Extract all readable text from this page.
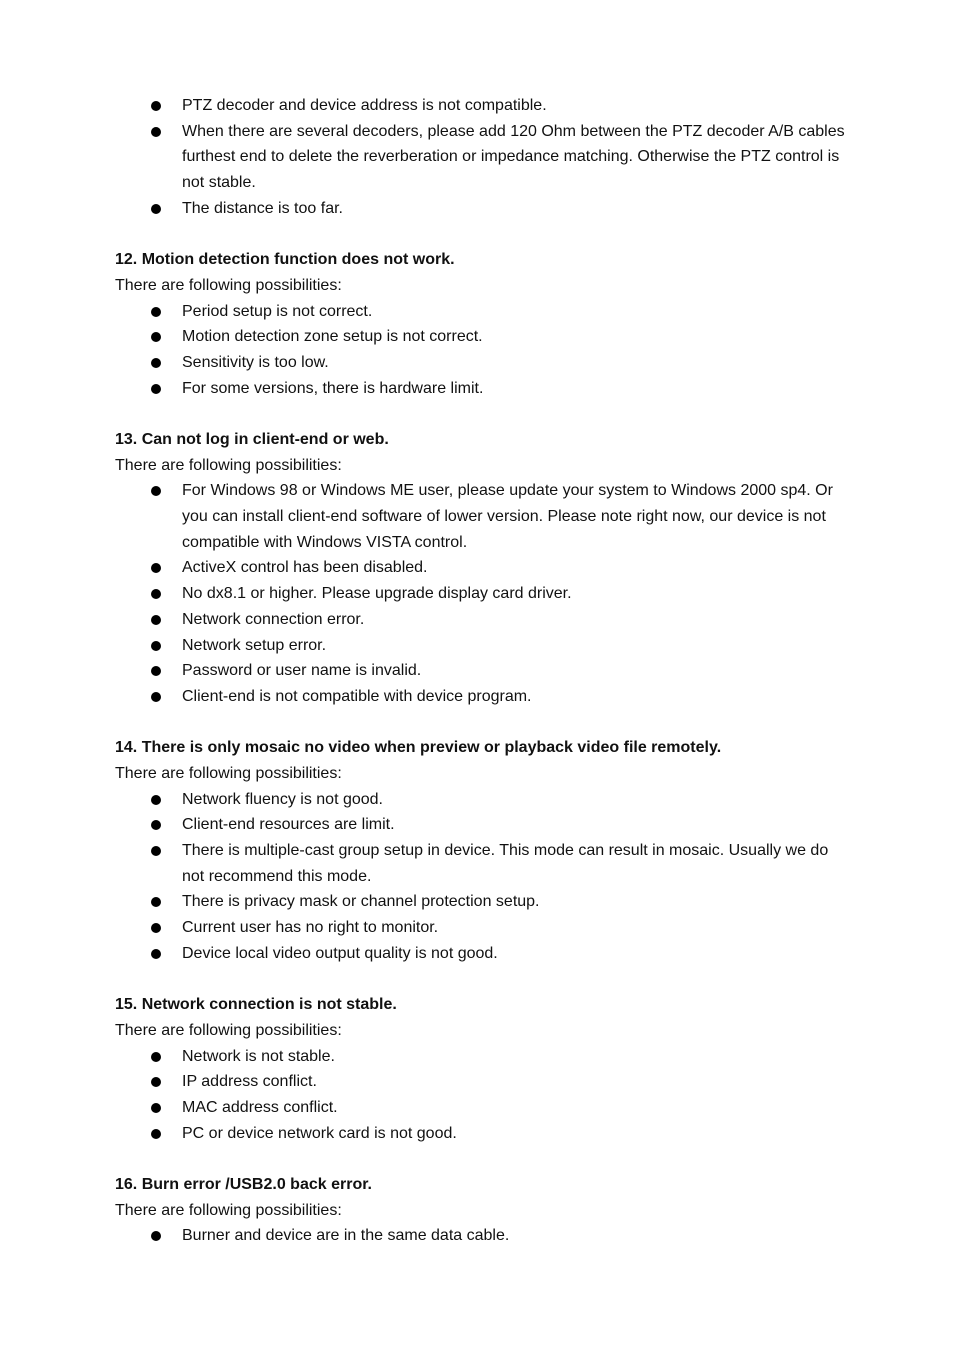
PTZ decoder and device address is not compatible.
When there are several decoders, please add 120 Ohm between the PTZ decoder A/B cables furthest end to delete the reverberation or impedance matching. Otherwise the PTZ control is not stable.
The distance is too far.

12. Motion detection function does not work.

There are following possibilities:

Period setup is not correct.
Motion detection zone setup is not correct.
Sensitivity is too low.
For some versions, there is hardware limit.

13. Can not log in client-end or web.

There are following possibilities:

For Windows 98 or Windows ME user, please update your system to Windows 2000 sp4. Or you can install client-end software of lower version. Please note right now, our device is not compatible with Windows VISTA control.
ActiveX control has been disabled.
No dx8.1 or higher. Please upgrade display card driver.
Network connection error.
Network setup error.
Password or user name is invalid.
Client-end is not compatible with device program.

14. There is only mosaic no video when preview or playback video file remotely.

There are following possibilities:

Network fluency is not good.
Client-end resources are limit.
There is multiple-cast group setup in device. This mode can result in mosaic. Usually we do not recommend this mode.
There is privacy mask or channel protection setup.
Current user has no right to monitor.
Device local video output quality is not good.

15. Network connection is not stable.

There are following possibilities:

Network is not stable.
IP address conflict.
MAC address conflict.
PC or device network card is not good.

16. Burn error /USB2.0 back error.

There are following possibilities:

Burner and device are in the same data cable.
